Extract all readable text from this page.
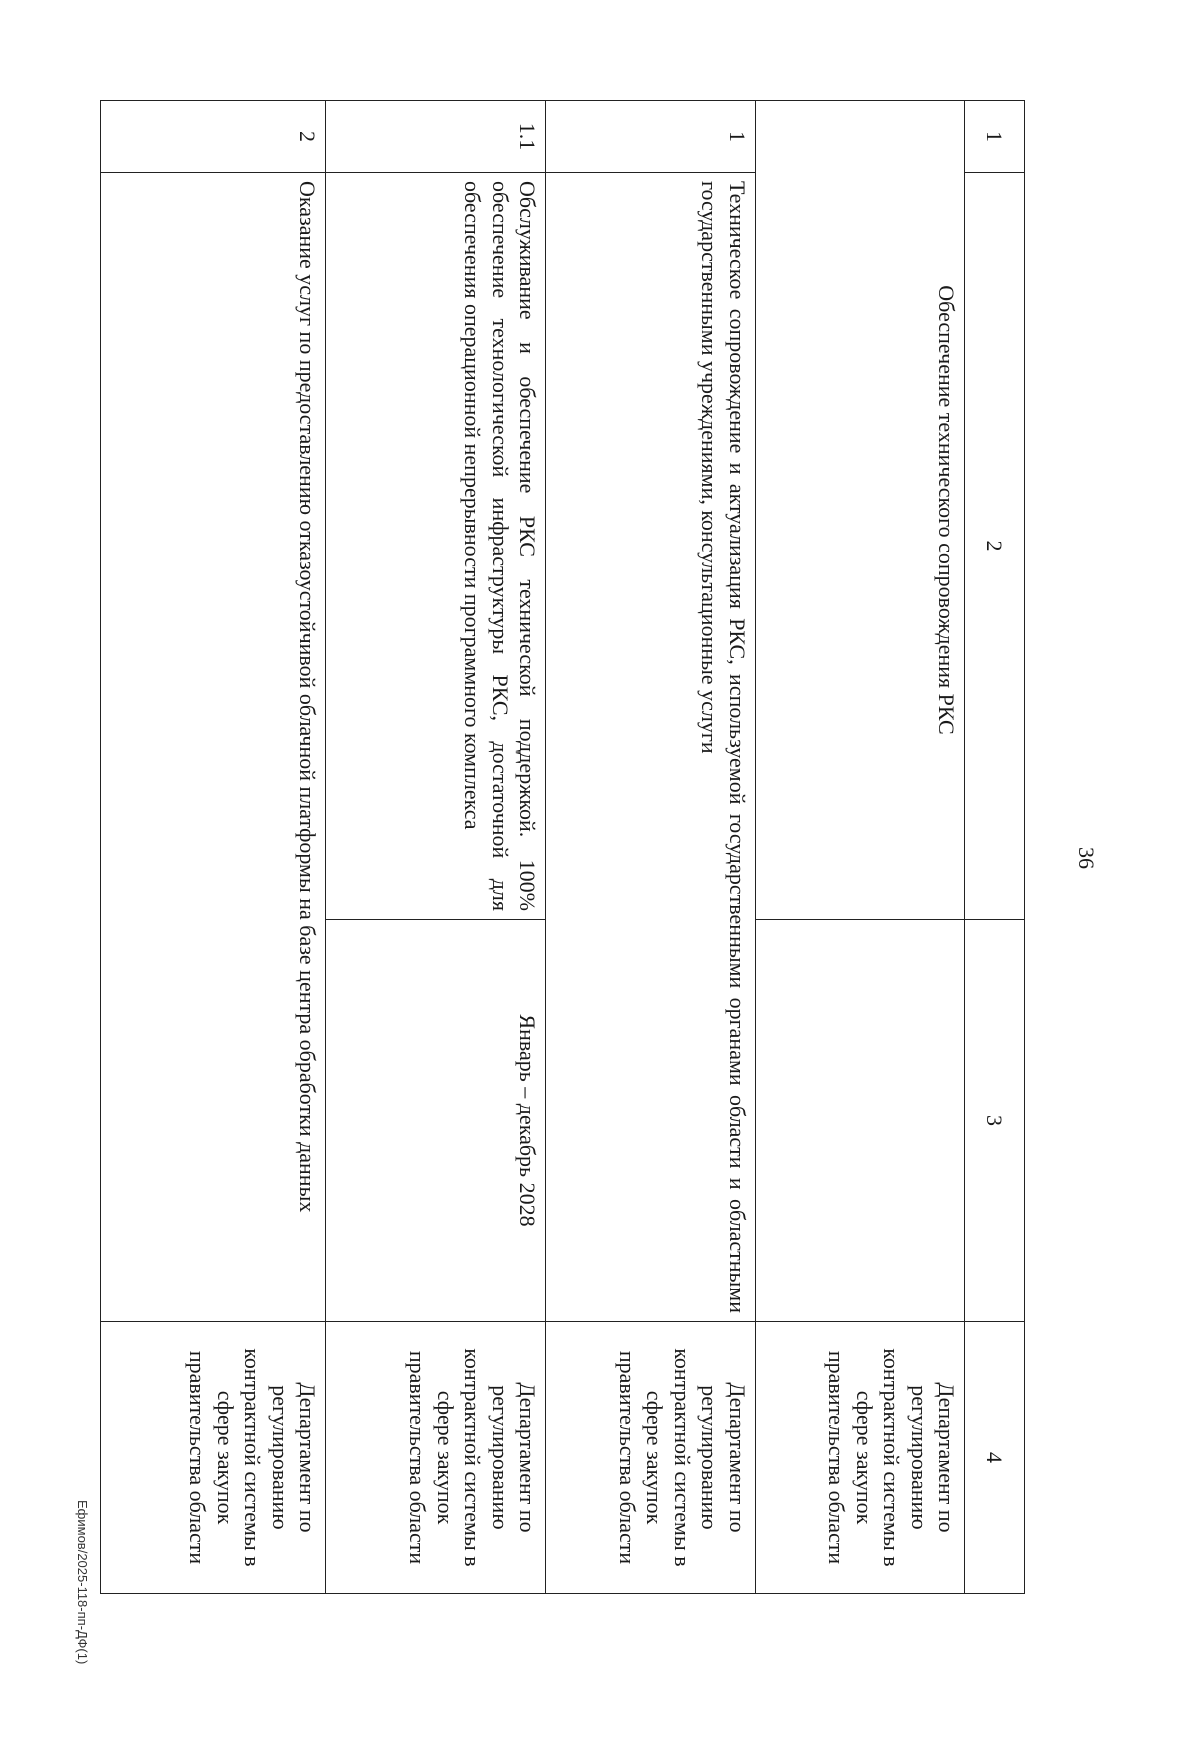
36
1	2	3	4
Обеспечение технического сопровождения РКС			Департамент по регулированию контрактной системы в сфере закупок правительства области
1	Техническое сопровождение и актуализация РКС, используемой государственными органами области и областными государственными учреждениями, консультационные услуги		Департамент по регулированию контрактной системы в сфере закупок правительства области
1.1	Обслуживание и обеспечение РКС технической поддержкой. 100% обеспечение технологической инфраструктуры РКС, достаточной для обеспечения операционной непрерывности программного комплекса	Январь – декабрь 2028	Департамент по регулированию контрактной системы в сфере закупок правительства области
2	Оказание услуг по предоставлению отказоустойчивой облачной платформы на базе центра обработки данных		Департамент по регулированию контрактной системы в сфере закупок правительства области
Ефимов/2025-118-пп-ДФ(1)
